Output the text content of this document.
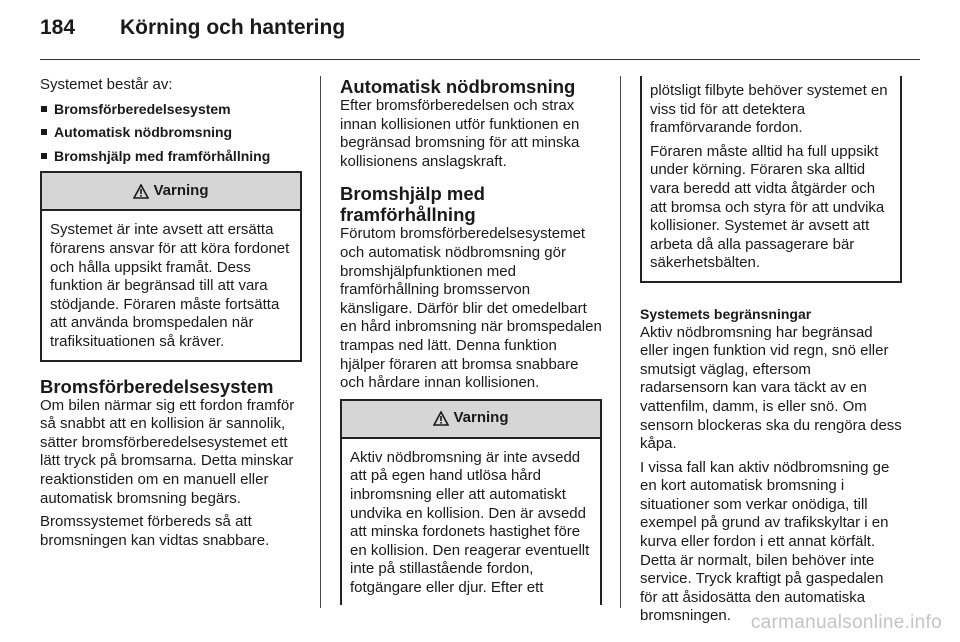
184 Körning och hantering

Systemet består av:

Bromsförberedelsesystem
Automatisk nödbromsning
Bromshjälp med framförhållning
Varning
Systemet är inte avsett att ersätta förarens ansvar för att köra fordonet och hålla uppsikt framåt. Dess funktion är begränsad till att vara stödjande. Föraren måste fortsätta att använda bromspedalen när trafiksituationen så kräver.
Bromsförberedelsesystem

Om bilen närmar sig ett fordon framför så snabbt att en kollision är sannolik, sätter bromsförberedelsesystemet ett lätt tryck på bromsarna. Detta minskar reaktionstiden om en manuell eller automatisk bromsning begärs.

Bromssystemet förbereds så att bromsningen kan vidtas snabbare.

Automatisk nödbromsning

Efter bromsförberedelsen och strax innan kollisionen utför funktionen en begränsad bromsning för att minska kollisionens anslagskraft.

Bromshjälp med framförhållning

Förutom bromsförberedelsesystemet och automatisk nödbromsning gör bromshjälpfunktionen med framförhållning bromsservon känsligare. Därför blir det omedelbart en hård inbromsning när bromspedalen trampas ned lätt. Denna funktion hjälper föraren att bromsa snabbare och hårdare innan kollisionen.

Varning
Aktiv nödbromsning är inte avsedd att på egen hand utlösa hård inbromsning eller att automatiskt undvika en kollision. Den är avsedd att minska fordonets hastighet före en kollision. Den reagerar eventuellt inte på stillastående fordon, fotgängare eller djur. Efter ett

plötsligt filbyte behöver systemet en viss tid för att detektera framförvarande fordon.

Föraren måste alltid ha full uppsikt under körning. Föraren ska alltid vara beredd att vidta åtgärder och att bromsa och styra för att undvika kollisioner. Systemet är avsett att arbeta då alla passagerare bär säkerhetsbälten.

Systemets begränsningar

Aktiv nödbromsning har begränsad eller ingen funktion vid regn, snö eller smutsigt väglag, eftersom radarsensorn kan vara täckt av en vattenfilm, damm, is eller snö. Om sensorn blockeras ska du rengöra dess kåpa.

I vissa fall kan aktiv nödbromsning ge en kort automatisk bromsning i situationer som verkar onödiga, till exempel på grund av trafikskyltar i en kurva eller fordon i ett annat körfält. Detta är normalt, bilen behöver inte service. Tryck kraftigt på gaspedalen för att åsidosätta den automatiska bromsningen.	carmanualsonline.info
